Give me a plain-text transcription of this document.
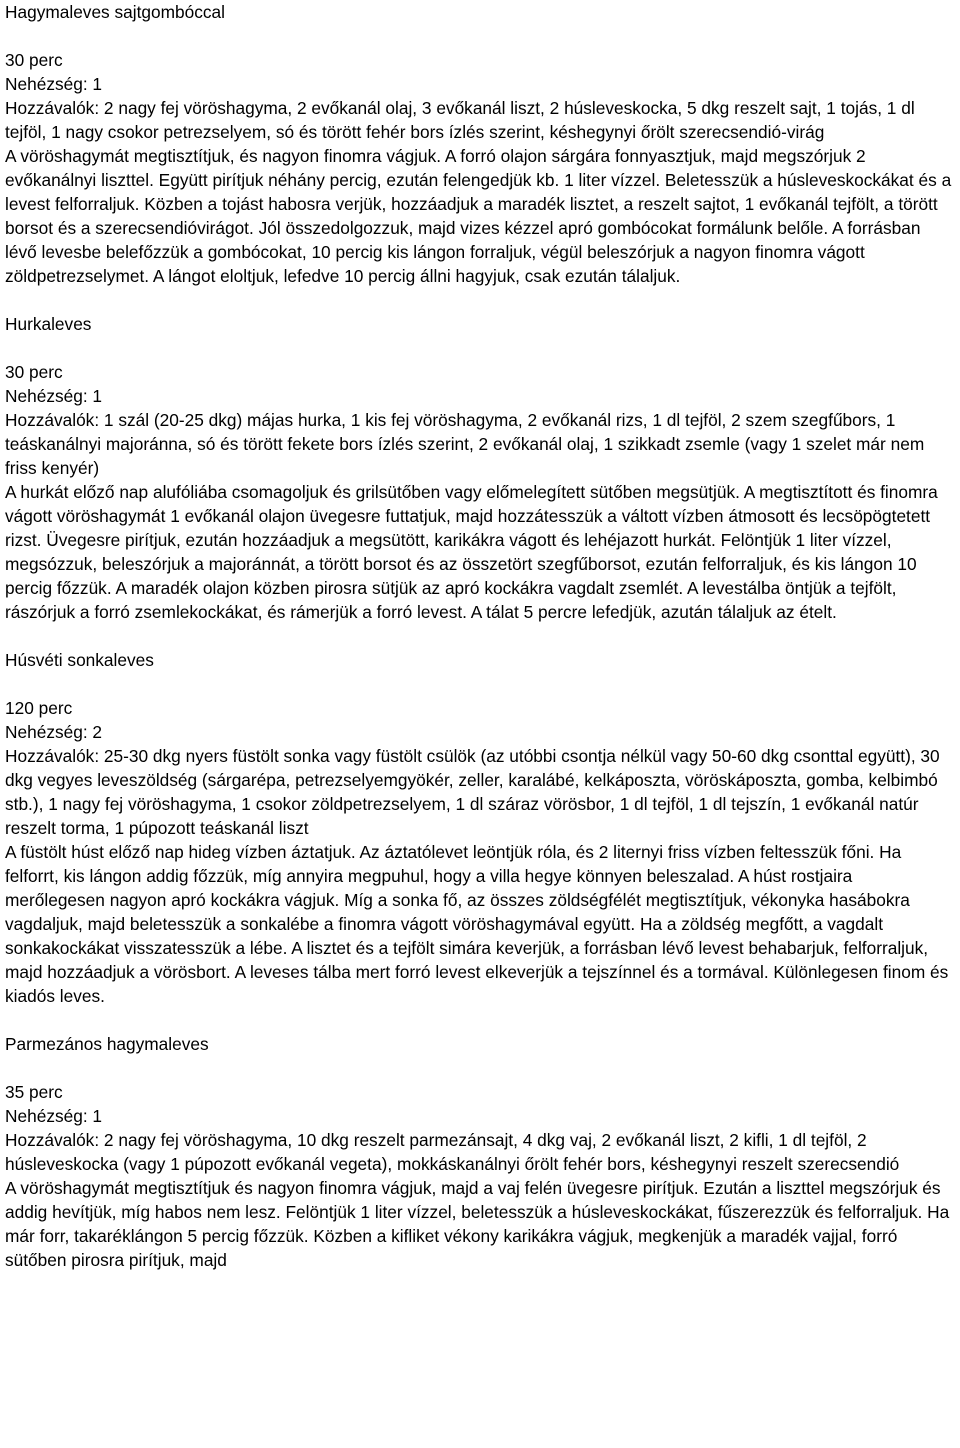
Hagymaleves sajtgombóccal

30 perc

Nehézség: 1

Hozzávalók: 2 nagy fej vöröshagyma, 2 evőkanál olaj, 3 evőkanál liszt, 2 húsleveskocka, 5 dkg reszelt sajt, 1 tojás, 1 dl tejföl, 1 nagy csokor petrezselyem, só és törött fehér bors ízlés szerint, késhegynyi őrölt szerecsendió-virág

A vöröshagymát megtisztítjuk, és nagyon finomra vágjuk. A forró olajon sárgára fonnyasztjuk, majd megszórjuk 2 evőkanálnyi liszttel. Együtt pirítjuk néhány percig, ezután felengedjük kb. 1 liter vízzel. Beletesszük a húsleveskockákat és a levest felforraljuk. Közben a tojást habosra verjük, hozzáadjuk a maradék lisztet, a reszelt sajtot, 1 evőkanál tejfölt, a törött borsot és a szerecsendióvirágot. Jól összedolgozzuk, majd vizes kézzel apró gombócokat formálunk belőle. A forrásban lévő levesbe belefőzzük a gombócokat, 10 percig kis lángon forraljuk, végül beleszórjuk a nagyon finomra vágott zöldpetrezselymet. A lángot eloltjuk, lefedve 10 percig állni hagyjuk, csak ezután tálaljuk.

Hurkaleves

30 perc

Nehézség: 1

Hozzávalók: 1 szál (20-25 dkg) májas hurka, 1 kis fej vöröshagyma, 2 evőkanál rizs, 1 dl tejföl, 2 szem szegfűbors, 1 teáskanálnyi majoránna, só és törött fekete bors ízlés szerint, 2 evőkanál olaj, 1 szikkadt zsemle (vagy 1 szelet már nem friss kenyér)

A hurkát előző nap alufóliába csomagoljuk és grilsütőben vagy előmelegített sütőben megsütjük. A megtisztított és finomra vágott vöröshagymát 1 evőkanál olajon üvegesre futtatjuk, majd hozzátesszük a váltott vízben átmosott és lecsöpögtetett rizst. Üvegesre pirítjuk, ezután hozzáadjuk a megsütött, karikákra vágott és lehéjazott hurkát. Felöntjük 1 liter vízzel, megsózzuk, beleszórjuk a majoránnát, a törött borsot és az összetört szegfűborsot, ezután felforraljuk, és kis lángon 10 percig főzzük. A maradék olajon közben pirosra sütjük az apró kockákra vagdalt zsemlét. A levestálba öntjük a tejfölt, rászórjuk a forró zsemlekockákat, és rámerjük a forró levest. A tálat 5 percre lefedjük, azután tálaljuk az ételt.

Húsvéti sonkaleves

120 perc

Nehézség: 2

Hozzávalók: 25-30 dkg nyers füstölt sonka vagy füstölt csülök (az utóbbi csontja nélkül vagy 50-60 dkg csonttal együtt), 30 dkg vegyes leveszöldség (sárgarépa, petrezselyemgyökér, zeller, karalábé, kelkáposzta, vöröskáposzta, gomba, kelbimbó stb.), 1 nagy fej vöröshagyma, 1 csokor zöldpetrezselyem, 1 dl száraz vörösbor, 1 dl tejföl, 1 dl tejszín, 1 evőkanál natúr reszelt torma, 1 púpozott teáskanál liszt

A füstölt húst előző nap hideg vízben áztatjuk. Az áztatólevet leöntjük róla, és 2 liternyi friss vízben feltesszük főni. Ha felforrt, kis lángon addig főzzük, míg annyira megpuhul, hogy a villa hegye könnyen beleszalad. A húst rostjaira merőlegesen nagyon apró kockákra vágjuk. Míg a sonka fő, az összes zöldségfélét megtisztítjuk, vékonyka hasábokra vagdaljuk, majd beletesszük a sonkalébe a finomra vágott vöröshagymával együtt. Ha a zöldség megfőtt, a vagdalt sonkakockákat visszatesszük a lébe. A lisztet és a tejfölt simára keverjük, a forrásban lévő levest behabarjuk, felforraljuk, majd hozzáadjuk a vörösbort. A leveses tálba mert forró levest elkeverjük a tejszínnel és a tormával. Különlegesen finom és kiadós leves.

Parmezános hagymaleves

35 perc

Nehézség: 1

Hozzávalók: 2 nagy fej vöröshagyma, 10 dkg reszelt parmezánsajt, 4 dkg vaj, 2 evőkanál liszt, 2 kifli, 1 dl tejföl, 2 húsleveskocka (vagy 1 púpozott evőkanál vegeta), mokkáskanálnyi őrölt fehér bors, késhegynyi reszelt szerecsendió

A vöröshagymát megtisztítjuk és nagyon finomra vágjuk, majd a vaj felén üvegesre pirítjuk. Ezután a liszttel megszórjuk és addig hevítjük, míg habos nem lesz. Felöntjük 1 liter vízzel, beletesszük a húsleveskockákat, fűszerezzük és felforraljuk. Ha már forr, takaréklángon 5 percig főzzük. Közben a kifliket vékony karikákra vágjuk, megkenjük a maradék vajjal, forró sütőben pirosra pirítjuk, majd
